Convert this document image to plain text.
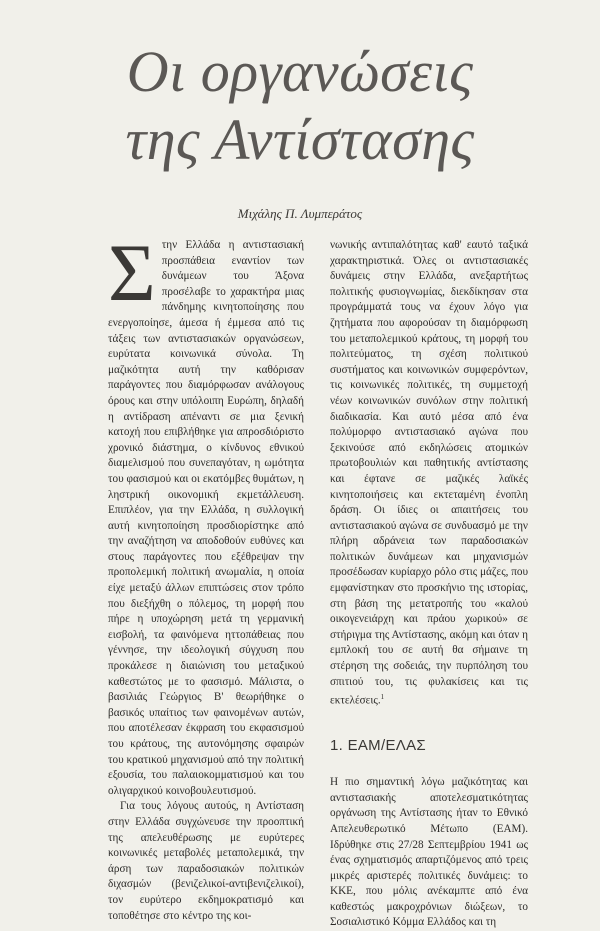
Οι οργανώσεις
της Αντίστασης
Μιχάλης Π. Λυμπεράτος
Σ την Ελλάδα η αντιστασιακή προσπάθεια εναντίον των δυνάμεων του Άξονα προσέλαβε το χαρακτήρα μιας πάνδημης κινητοποίησης που ενεργοποίησε, άμεσα ή έμμεσα από τις τάξεις των αντιστασιακών οργανώσεων, ευρύτατα κοινωνικά σύνολα. Τη μαζικότητα αυτή την καθόρισαν παράγοντες που διαμόρφωσαν ανάλογους όρους και στην υπόλοιπη Ευρώπη, δηλαδή η αντίδραση απέναντι σε μια ξενική κατοχή που επιβλήθηκε για απροσδιόριστο χρονικό διάστημα, ο κίνδυνος εθνικού διαμελισμού που συνεπαγόταν, η ωμότητα του φασισμού και οι εκατόμβες θυμάτων, η ληστρική οικονομική εκμετάλλευση. Επιπλέον, για την Ελλάδα, η συλλογική αυτή κινητοποίηση προσδιορίστηκε από την αναζήτηση να αποδοθούν ευθύνες και στους παράγοντες που εξέθρεψαν την προπολεμική πολιτική ανωμαλία, η οποία είχε μεταξύ άλλων επιπτώσεις στον τρόπο που διεξήχθη ο πόλεμος, τη μορφή που πήρε η υποχώρηση μετά τη γερμανική εισβολή, τα φαινόμενα ηττοπάθειας που γέννησε, την ιδεολογική σύγχυση που προκάλεσε η διαιώνιση του μεταξικού καθεστώτος με το φασισμό. Μάλιστα, ο βασιλιάς Γεώργιος Β' θεωρήθηκε ο βασικός υπαίτιος των φαινομένων αυτών, που αποτέλεσαν έκφραση του εκφασισμού του κράτους, της αυτονόμησης σφαιρών του κρατικού μηχανισμού από την πολιτική εξουσία, του παλαιοκομματισμού και του ολιγαρχικού κοινοβουλευτισμού.

Για τους λόγους αυτούς, η Αντίσταση στην Ελλάδα συγχώνευσε την προοπτική της απελευθέρωσης με ευρύτερες κοινωνικές μεταβολές μεταπολεμικά, την άρση των παραδοσιακών πολιτικών διχασμών (βενιζελικοί-αντιβενιζελικοί), τον ευρύτερο εκδημοκρατισμό και τοποθέτησε στο κέντρο της κοι-

νωνικής αντιπαλότητας καθ' εαυτό ταξικά χαρακτηριστικά. Όλες οι αντιστασιακές δυνάμεις στην Ελλάδα, ανεξαρτήτως πολιτικής φυσιογνωμίας, διεκδίκησαν στα προγράμματά τους να έχουν λόγο για ζητήματα που αφορούσαν τη διαμόρφωση του μεταπολεμικού κράτους, τη μορφή του πολιτεύματος, τη σχέση πολιτικού συστήματος και κοινωνικών συμφερόντων, τις κοινωνικές πολιτικές, τη συμμετοχή νέων κοινωνικών συνόλων στην πολιτική διαδικασία. Και αυτό μέσα από ένα πολύμορφο αντιστασιακό αγώνα που ξεκινούσε από εκδηλώσεις ατομικών πρωτοβουλιών και παθητικής αντίστασης και έφτανε σε μαζικές λαϊκές κινητοποιήσεις και εκτεταμένη ένοπλη δράση. Οι ίδιες οι απαιτήσεις του αντιστασιακού αγώνα σε συνδυασμό με την πλήρη αδράνεια των παραδοσιακών πολιτικών δυνάμεων και μηχανισμών προσέδωσαν κυρίαρχο ρόλο στις μάζες, που εμφανίστηκαν στο προσκήνιο της ιστορίας, στη βάση της μετατροπής του «καλού οικογενειάρχη και πράου χωρικού» σε στήριγμα της Αντίστασης, ακόμη και όταν η εμπλοκή του σε αυτή θα σήμαινε τη στέρηση της σοδειάς, την πυρπόληση του σπιτιού του, τις φυλακίσεις και τις εκτελέσεις.$^1$

1. ΕΑΜ/ΕΛΑΣ

Η πιο σημαντική λόγω μαζικότητας και αντιστασιακής αποτελεσματικότητας οργάνωση της Αντίστασης ήταν το Εθνικό Απελευθερωτικό Μέτωπο (ΕΑΜ). Ιδρύθηκε στις 27/28 Σεπτεμβρίου 1941 ως ένας σχηματισμός απαρτιζόμενος από τρεις μικρές αριστερές πολιτικές δυνάμεις: το ΚΚΕ, που μόλις ανέκαμπτε από ένα καθεστώς μακροχρόνιων διώξεων, το Σοσιαλιστικό Κόμμα Ελλάδος και τη
